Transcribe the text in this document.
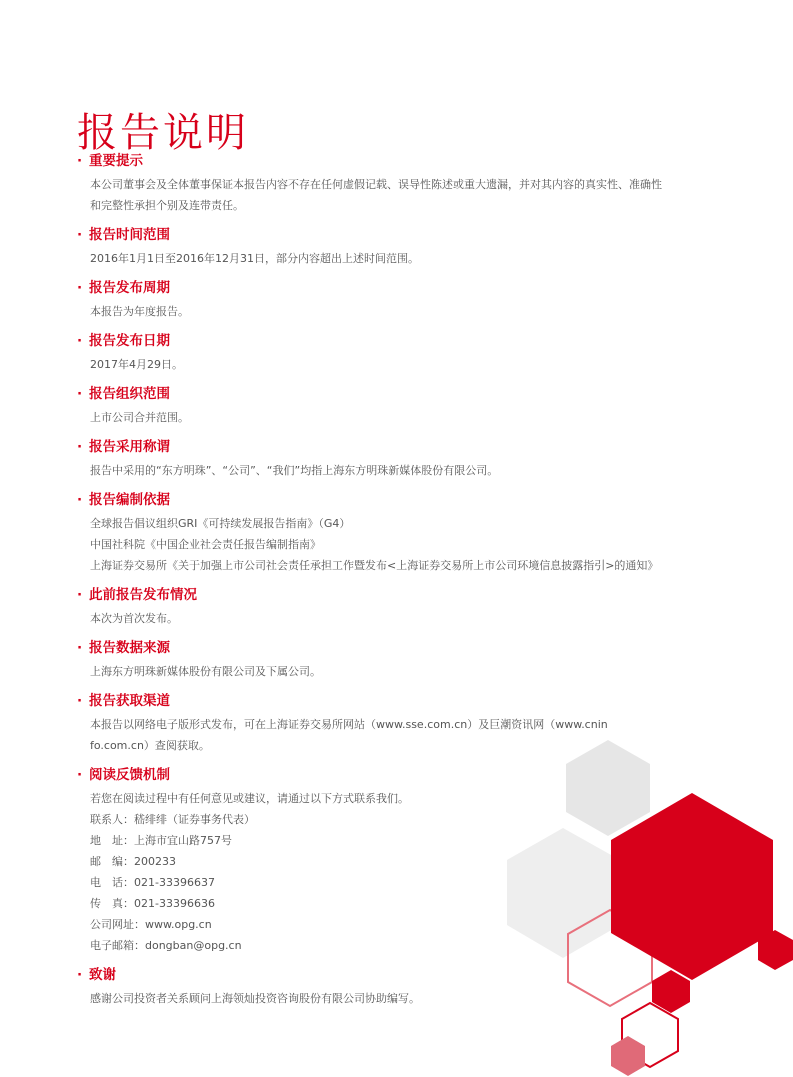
报告说明
· 重要提示
本公司董事会及全体董事保证本报告内容不存在任何虚假记载、误导性陈述或重大遗漏，并对其内容的真实性、准确性
和完整性承担个别及连带责任。
· 报告时间范围
2016年1月1日至2016年12月31日，部分内容超出上述时间范围。
· 报告发布周期
本报告为年度报告。
· 报告发布日期
2017年4月29日。
· 报告组织范围
上市公司合并范围。
· 报告采用称谓
报告中采用的“东方明珠”、“公司”、“我们”均指上海东方明珠新媒体股份有限公司。
· 报告编制依据
全球报告倡议组织GRI《可持续发展报告指南》（G4）
中国社科院《中国企业社会责任报告编制指南》
上海证券交易所《关于加强上市公司社会责任承担工作暨发布<上海证券交易所上市公司环境信息披露指引>的通知》
· 此前报告发布情况
本次为首次发布。
· 报告数据来源
上海东方明珠新媒体股份有限公司及下属公司。
· 报告获取渠道
本报告以网络电子版形式发布，可在上海证券交易所网站（www.sse.com.cn）及巨潮资讯网（www.cnin
fo.com.cn）查阅获取。
· 阅读反馈机制
若您在阅读过程中有任何意见或建议，请通过以下方式联系我们。
联系人：嵇绯绯（证券事务代表）
地　址：上海市宜山路757号
邮　编：200233
电　话：021-33396637
传　真：021-33396636
公司网址：www.opg.cn
电子邮箱：dongban@opg.cn
· 致谢
感谢公司投资者关系顾问上海领灿投资咨询股份有限公司协助编写。
